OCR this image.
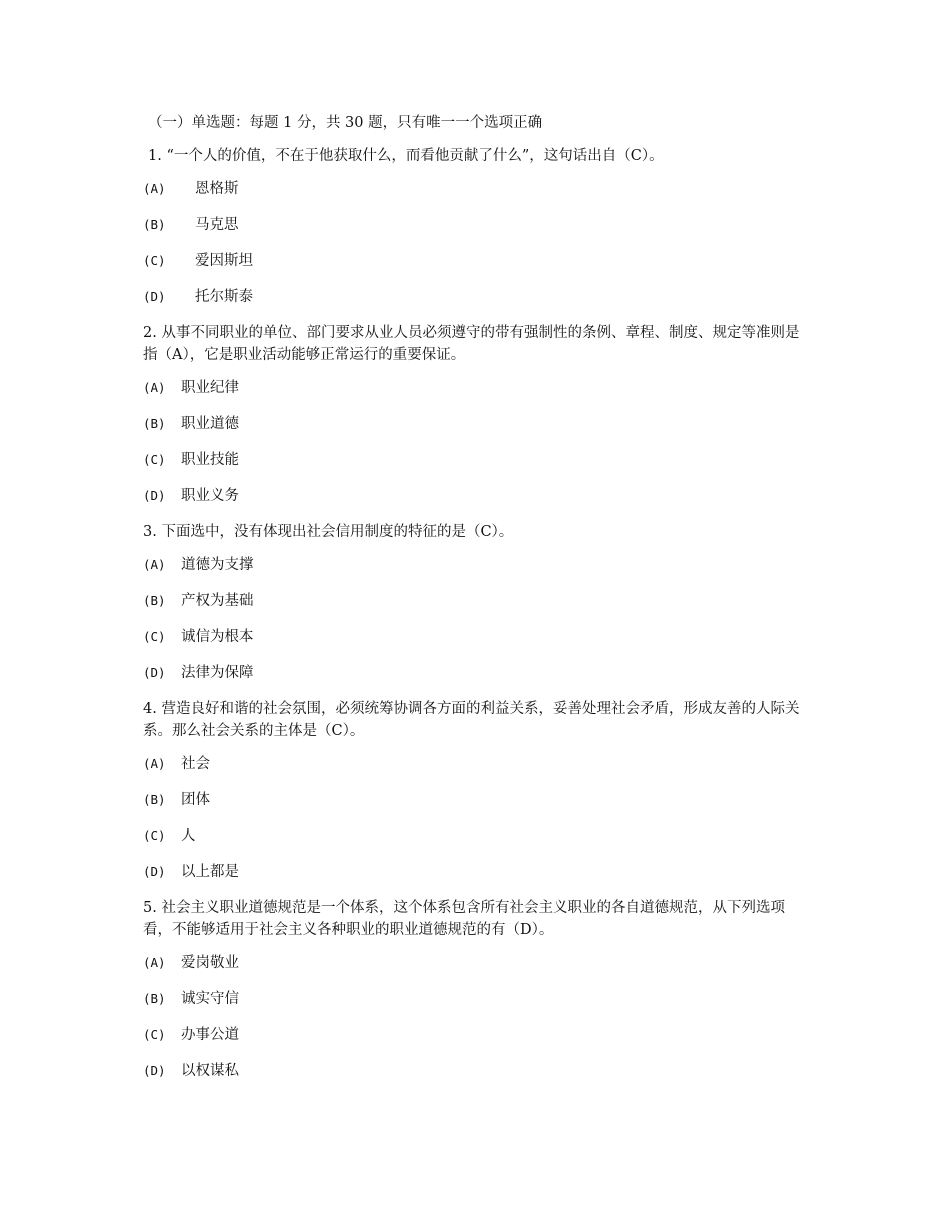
（一）单选题：每题 1 分，共 30 题，只有唯一一个选项正确
1. “一个人的价值，不在于他获取什么，而看他贡献了什么”，这句话出自（C）。
(A)	恩格斯
(B)	马克思
(C)	爱因斯坦
(D)	托尔斯泰
2. 从事不同职业的单位、部门要求从业人员必须遵守的带有强制性的条例、章程、制度、规定等准则是指（A），它是职业活动能够正常运行的重要保证。
(A)	职业纪律
(B)	职业道德
(C)	职业技能
(D)	职业义务
3. 下面选中，没有体现出社会信用制度的特征的是（C）。
(A)	道德为支撑
(B)	产权为基础
(C)	诚信为根本
(D)	法律为保障
4. 营造良好和谐的社会氛围，必须统筹协调各方面的利益关系，妥善处理社会矛盾，形成友善的人际关系。那么社会关系的主体是（C）。
(A)	社会
(B)	团体
(C)	人
(D)	以上都是
5. 社会主义职业道德规范是一个体系，这个体系包含所有社会主义职业的各自道德规范，从下列选项看，不能够适用于社会主义各种职业的职业道德规范的有（D）。
(A)	爱岗敬业
(B)	诚实守信
(C)	办事公道
(D)	以权谋私
